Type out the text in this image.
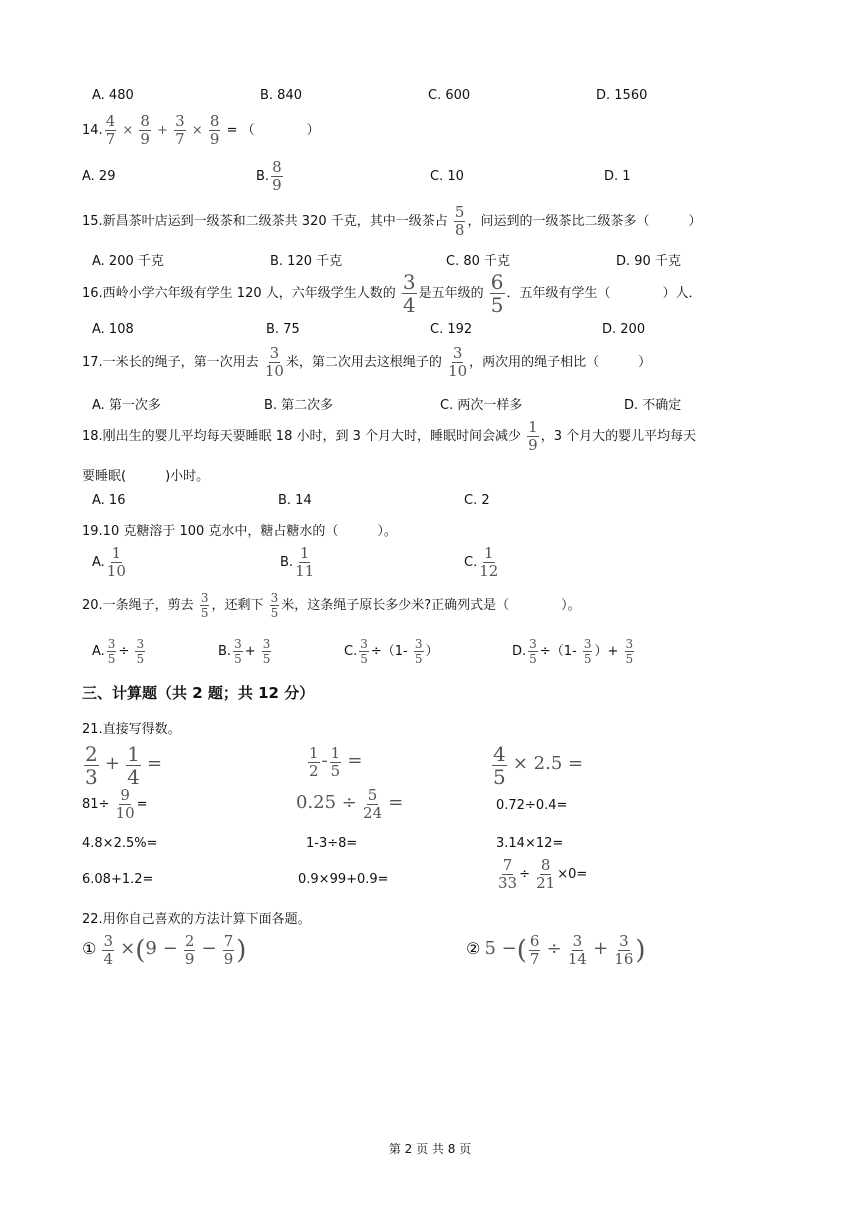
A. 480	B. 840	C. 600	D. 1560
14. $\frac{4}{7} \times \frac{8}{9} + \frac{3}{7} \times \frac{8}{9}$ = （　　　　）
A. 29	B. $\frac{8}{9}$	C. 10	D. 1
15.新昌茶叶店运到一级茶和二级茶共 320 千克，其中一级茶占 $\frac{5}{8}$ ，问运到的一级茶比二级茶多（　　　）
A. 200 千克	B. 120 千克	C. 80 千克	D. 90 千克
16.西岭小学六年级有学生 120 人，六年级学生人数的 $\frac{3}{4}$ 是五年级的 $\frac{6}{5}$ ．五年级有学生（　　　　）人．
A. 108	B. 75	C. 192	D. 200
17.一米长的绳子，第一次用去 $\frac{3}{10}$ 米，第二次用去这根绳子的 $\frac{3}{10}$ ，两次用的绳子相比（　　　）
A. 第一次多	B. 第二次多	C. 两次一样多	D. 不确定
18.刚出生的婴儿平均每天要睡眠 18 小时，到 3 个月大时，睡眠时间会减少 $\frac{1}{9}$ ，3 个月大的婴儿平均每天
要睡眠(　　　)小时。
A. 16	B. 14	C. 2
19.10 克糖溶于 100 克水中，糖占糖水的（　　　）。
A. $\frac{1}{10}$	B. $\frac{1}{11}$	C. $\frac{1}{12}$
20.一条绳子，剪去 $\frac{3}{5}$ ，还剩下 $\frac{3}{5}$ 米，这条绳子原长多少米?正确列式是（　　　　）。
A. $\frac{3}{5} \div \frac{3}{5}$	B. $\frac{3}{5} + \frac{3}{5}$	C. $\frac{3}{5} \div(1- \frac{3}{5}$ ）	D. $\frac{3}{5} \div(1- \frac{3}{5}$ ）+ $\frac{3}{5}$
三、计算题（共 2 题；共 12 分）
21.直接写得数。
$\frac{2}{3} + \frac{1}{4}$ =	$\frac{1}{2} - \frac{1}{5}$ =	$\frac{4}{5} \times 2.5$ =
$81\div \frac{9}{10}$ =	$0.25 \div \frac{5}{24}$ =	0.72÷0.4=
4.8×2.5%=	1-3÷8=	3.14×12=
6.08+1.2=	0.9×99+0.9=	$\frac{7}{33} \div \frac{8}{21} \times 0=$
22.用你自己喜欢的方法计算下面各题。
① $\frac{3}{4} \times(9 - \frac{2}{9} - \frac{7}{9}$ )	② 5 −( $\frac{6}{7} \div \frac{3}{14} + \frac{3}{16}$ )
第 2 页 共 8 页
